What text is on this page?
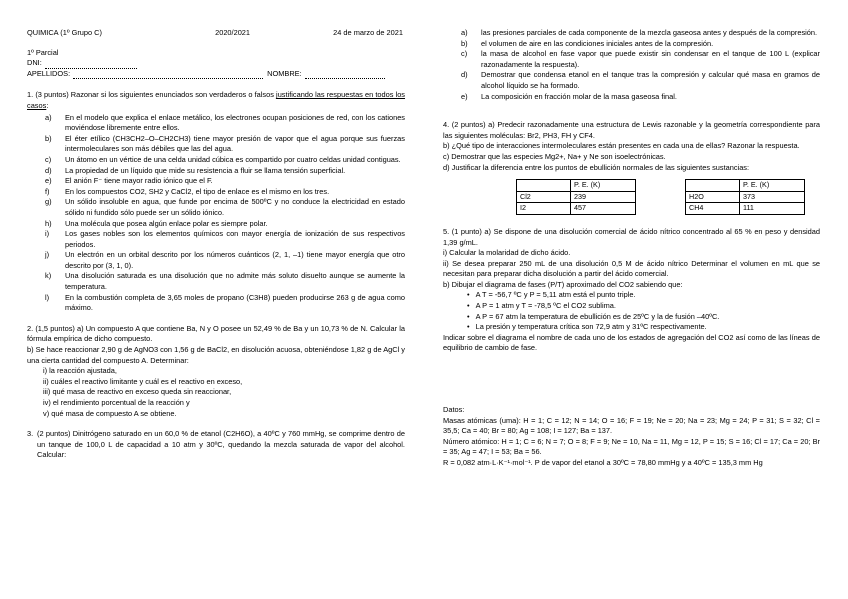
QUIMICA (1º Grupo C)	2020/2021	24 de marzo de 2021
1º Parcial
DNI:
APELLIDOS:	NOMBRE:
1. (3 puntos) Razonar si los siguientes enunciados son verdaderos o falsos justificando las respuestas en todos los casos:
a)	En el modelo que explica el enlace metálico, los electrones ocupan posiciones de red, con los cationes moviéndose libremente entre ellos.
b)	El éter etílico (CH3CH2–O–CH2CH3) tiene mayor presión de vapor que el agua porque sus fuerzas intermoleculares son más débiles que las del agua.
c)	Un átomo en un vértice de una celda unidad cúbica es compartido por cuatro celdas unidad contiguas.
d)	La propiedad de un líquido que mide su resistencia a fluir se llama tensión superficial.
e)	El anión F⁻ tiene mayor radio iónico que el F.
f)	En los compuestos CO2, SH2 y CaCl2, el tipo de enlace es el mismo en los tres.
g)	Un sólido insoluble en agua, que funde por encima de 500ºC y no conduce la electricidad en estado sólido ni fundido sólo puede ser un sólido iónico.
h)	Una molécula que posea algún enlace polar es siempre polar.
i)	Los gases nobles son los elementos químicos con mayor energía de ionización de sus respectivos periodos.
j)	Un electrón en un orbital descrito por los números cuánticos (2, 1, –1) tiene mayor energía que otro descrito por (3, 1, 0).
k)	Una disolución saturada es una disolución que no admite más soluto disuelto aunque se aumente la temperatura.
l)	En la combustión completa de 3,65 moles de propano (C3H8) pueden producirse 263 g de agua como máximo.
2. (1,5 puntos) a) Un compuesto A que contiene Ba, N y O posee un 52,49 % de Ba y un 10,73 % de N. Calcular la fórmula empírica de dicho compuesto.
b) Se hace reaccionar 2,90 g de AgNO3 con 1,56 g de BaCl2, en disolución acuosa, obteniéndose 1,82 g de AgCl y una cierta cantidad del compuesto A. Determinar:
i) la reacción ajustada,
ii) cuáles el reactivo limitante y cuál es el reactivo en exceso,
iii) qué masa de reactivo en exceso queda sin reaccionar,
iv) el rendimiento porcentual de la reacción y
v) qué masa de compuesto A se obtiene.
3. (2 puntos) Dinitrógeno saturado en un 60,0 % de etanol (C2H6O), a 40ºC y 760 mmHg, se comprime dentro de un tanque de 100,0 L de capacidad a 10 atm y 30ºC, quedando la mezcla saturada de vapor del alcohol. Calcular:
a)	las presiones parciales de cada componente de la mezcla gaseosa antes y después de la compresión.
b)	el volumen de aire en las condiciones iniciales antes de la compresión.
c)	la masa de alcohol en fase vapor que puede existir sin condensar en el tanque de 100 L (explicar razonadamente la respuesta).
d)	Demostrar que condensa etanol en el tanque tras la compresión y calcular qué masa en gramos de alcohol líquido se ha formado.
e)	La composición en fracción molar de la masa gaseosa final.
4. (2 puntos) a) Predecir razonadamente una estructura de Lewis razonable y la geometría correspondiente para las siguientes moléculas: Br2, PH3, FH y CF4.
b) ¿Qué tipo de interacciones intermoleculares están presentes en cada una de ellas? Razonar la respuesta.
c) Demostrar que las especies Mg2+, Na+ y Ne son isoelectrónicas.
d) Justificar la diferencia entre los puntos de ebullición normales de las siguientes sustancias:
	P. E. (K)
Cl2	239
I2	457
	P. E. (K)
H2O	373
CH4	111
5. (1 punto) a) Se dispone de una disolución comercial de ácido nítrico concentrado al 65 % en peso y densidad 1,39 g/mL.
i) Calcular la molaridad de dicho ácido.
ii) Se desea preparar 250 mL de una disolución 0,5 M de ácido nítrico Determinar el volumen en mL que se necesitan para preparar dicha disolución a partir del ácido comercial.
b) Dibujar el diagrama de fases (P/T) aproximado del CO2 sabiendo que:
• A T = -56,7 ºC y P = 5,11 atm está el punto triple.
• A P = 1 atm y T = -78,5 ºC el CO2 sublima.
• A P = 67 atm la temperatura de ebullición es de 25ºC y la de fusión –40ºC.
• La presión y temperatura crítica son 72,9 atm y 31ºC respectivamente.
Indicar sobre el diagrama el nombre de cada uno de los estados de agregación del CO2 así como de las líneas de equilibrio de cambio de fase.
Datos:
Masas atómicas (uma): H = 1; C = 12; N = 14; O = 16; F = 19; Ne = 20; Na = 23; Mg = 24; P = 31; S = 32; Cl = 35,5; Ca = 40; Br = 80; Ag = 108; I = 127; Ba = 137.
Número atómico: H = 1; C = 6; N = 7; O = 8; F = 9; Ne = 10, Na = 11, Mg = 12, P = 15; S = 16; Cl = 17; Ca = 20; Br = 35; Ag = 47; I = 53; Ba = 56.
R = 0,082 atm·L·K⁻¹·mol⁻¹. P de vapor del etanol a 30ºC = 78,80 mmHg y a 40ºC = 135,3 mm Hg
